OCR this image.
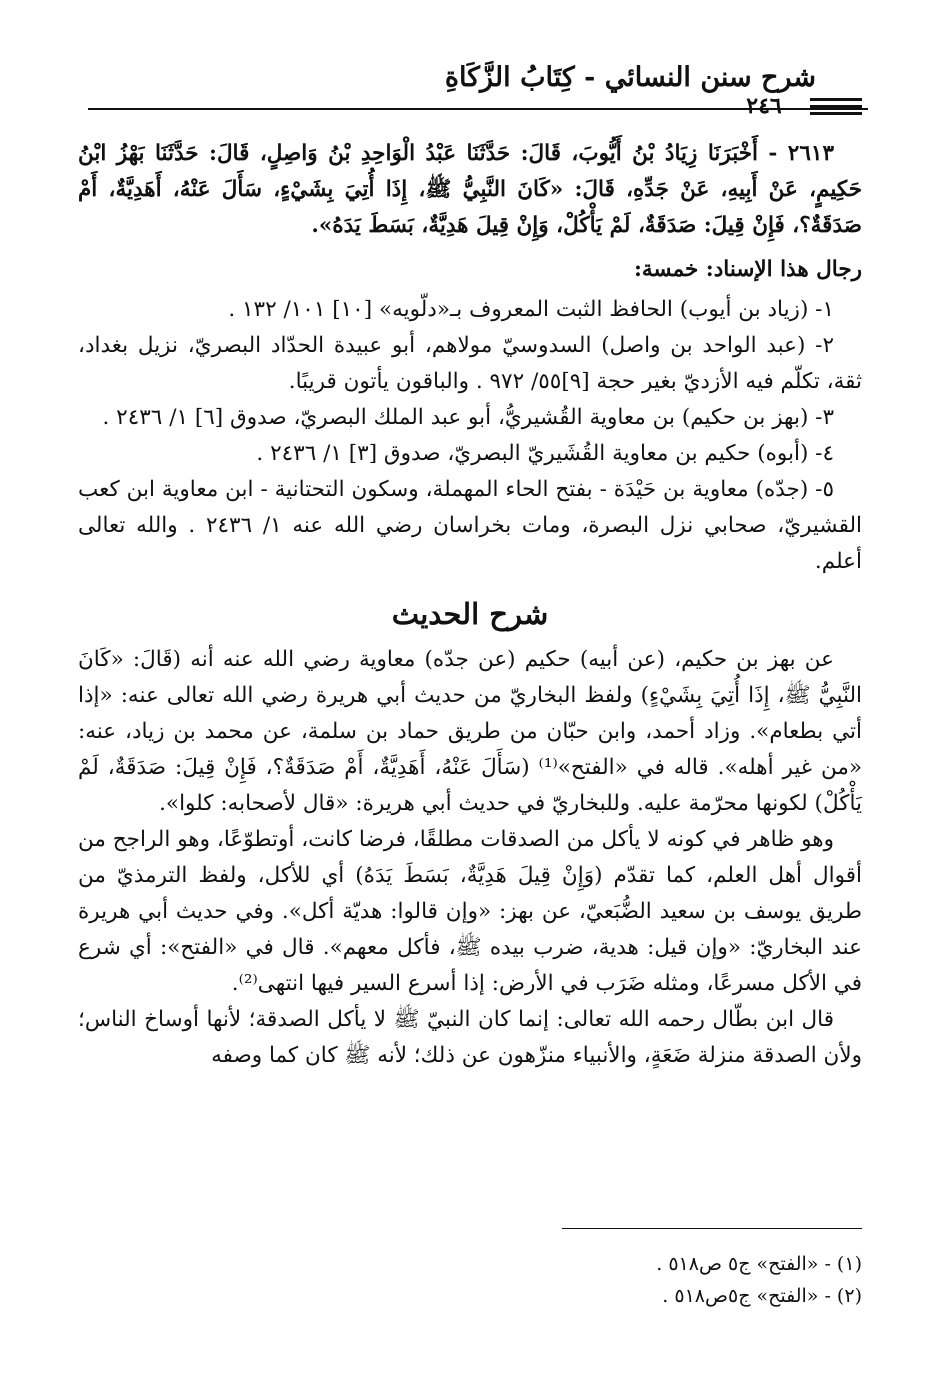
شرح سنن النسائي - كِتَابُ الزَّكَاةِ
٢٤٦

٢٦١٣ - أَخْبَرَنَا زِيَادُ بْنُ أَيُّوبَ، قَالَ: حَدَّثَنَا عَبْدُ الْوَاحِدِ بْنُ وَاصِلٍ، قَالَ: حَدَّثَنَا بَهْزُ ابْنُ حَكِيمٍ، عَنْ أَبِيهِ، عَنْ جَدِّهِ، قَالَ: «كَانَ النَّبِيُّ ﷺ، إِذَا أُتِيَ بِشَيْءٍ، سَأَلَ عَنْهُ، أَهَدِيَّةٌ، أَمْ صَدَقَةٌ؟، فَإِنْ قِيلَ: صَدَقَةٌ، لَمْ يَأْكُلْ، وَإِنْ قِيلَ هَدِيَّةٌ، بَسَطَ يَدَهُ».

رجال هذا الإسناد: خمسة:

١- (زياد بن أيوب) الحافظ الثبت المعروف بـ«دلّويه» [١٠] ١٠١/ ١٣٢ .

٢- (عبد الواحد بن واصل) السدوسيّ مولاهم، أبو عبيدة الحدّاد البصريّ، نزيل بغداد، ثقة، تكلّم فيه الأزديّ بغير حجة [٩]٥٥/ ٩٧٢ . والباقون يأتون قريبًا.

٣- (بهز بن حكيم) بن معاوية القُشيريُّ، أبو عبد الملك البصريّ، صدوق [٦] ١/ ٢٤٣٦ .

٤- (أبوه) حكيم بن معاوية القُشَيريّ البصريّ، صدوق [٣] ١/ ٢٤٣٦ .

٥- (جدّه) معاوية بن حَيْدَة - بفتح الحاء المهملة، وسكون التحتانية - ابن معاوية ابن كعب القشيريّ، صحابي نزل البصرة، ومات بخراسان رضي الله عنه ١/ ٢٤٣٦ . والله تعالى أعلم.

شرح الحديث

عن بهز بن حكيم، (عن أبيه) حكيم (عن جدّه) معاوية رضي الله عنه أنه (قَالَ: «كَانَ النَّبِيُّ ﷺ، إِذَا أُتِيَ بِشَيْءٍ) ولفظ البخاريّ من حديث أبي هريرة رضي الله تعالى عنه: «إذا أتي بطعام». وزاد أحمد، وابن حبّان من طريق حماد بن سلمة، عن محمد بن زياد، عنه: «من غير أهله». قاله في «الفتح»⁽¹⁾ (سَأَلَ عَنْهُ، أَهَدِيَّةٌ، أَمْ صَدَقَةٌ؟، فَإِنْ قِيلَ: صَدَقَةٌ، لَمْ يَأْكُلْ) لكونها محرّمة عليه. وللبخاريّ في حديث أبي هريرة: «قال لأصحابه: كلوا».

وهو ظاهر في كونه لا يأكل من الصدقات مطلقًا، فرضا كانت، أوتطوّعًا، وهو الراجح من أقوال أهل العلم، كما تقدّم (وَإِنْ قِيلَ هَدِيَّةٌ، بَسَطَ يَدَهُ) أي للأكل، ولفظ الترمذيّ من طريق يوسف بن سعيد الضُّبَعيّ، عن بهز: «وإن قالوا: هديّة أكل». وفي حديث أبي هريرة عند البخاريّ: «وإن قيل: هدية، ضرب بيده ﷺ، فأكل معهم». قال في «الفتح»: أي شرع في الأكل مسرعًا، ومثله ضَرَب في الأرض: إذا أسرع السير فيها انتهى⁽²⁾.

قال ابن بطّال رحمه الله تعالى: إنما كان النبيّ ﷺ لا يأكل الصدقة؛ لأنها أوساخ الناس؛ ولأن الصدقة منزلة ضَعَةٍ، والأنبياء منزّهون عن ذلك؛ لأنه ﷺ كان كما وصفه

(١) - «الفتح» ج٥ ص٥١٨ .

(٢) - «الفتح» ج٥ص٥١٨ .
